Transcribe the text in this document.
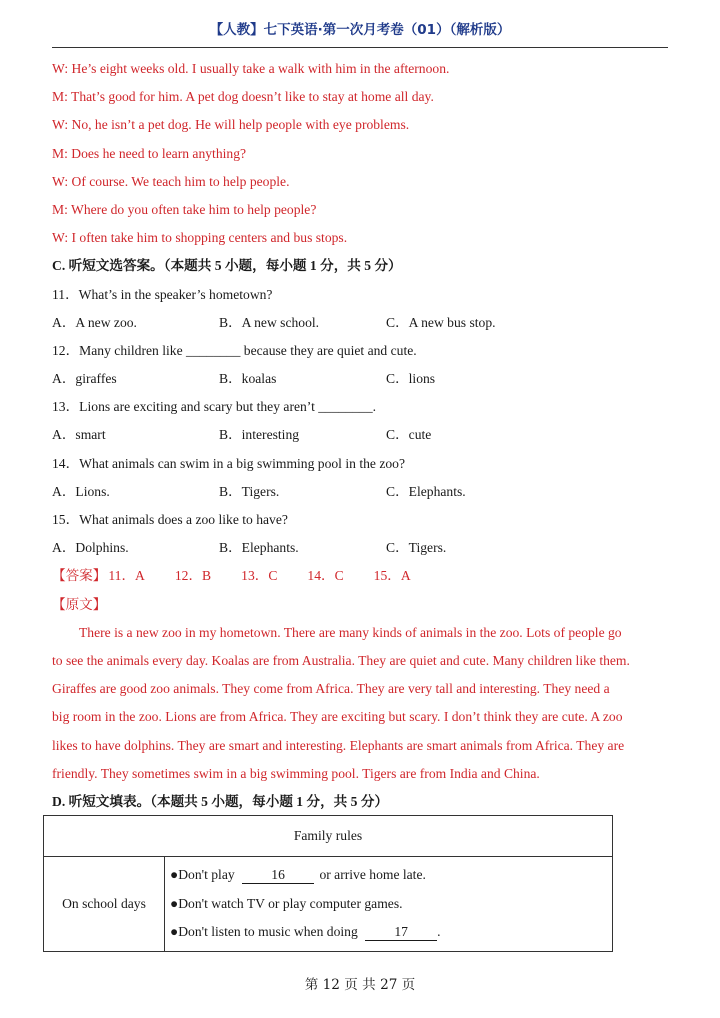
【人教】七下英语·第一次月考卷（01）（解析版）
W: He’s eight weeks old. I usually take a walk with him in the afternoon.
M: That’s good for him. A pet dog doesn’t like to stay at home all day.
W: No, he isn’t a pet dog. He will help people with eye problems.
M: Does he need to learn anything?
W: Of course. We teach him to help people.
M: Where do you often take him to help people?
W: I often take him to shopping centers and bus stops.
C. 听短文选答案。（本题共 5 小题，每小题 1 分，共 5 分）
11．What’s in the speaker’s hometown?
A．A new zoo.	B．A new school.	C．A new bus stop.
12．Many children like ________ because they are quiet and cute.
A．giraffes	B．koalas	C．lions
13．Lions are exciting and scary but they aren’t ________.
A．smart	B．interesting	C．cute
14．What animals can swim in a big swimming pool in the zoo?
A．Lions.	B．Tigers.	C．Elephants.
15．What animals does a zoo like to have?
A．Dolphins.	B．Elephants.	C．Tigers.
【答案】 11．A 12．B 13．C 14．C 15．A
【原文】
There is a new zoo in my hometown. There are many kinds of animals in the zoo. Lots of people go
to see the animals every day. Koalas are from Australia. They are quiet and cute. Many children like them.
Giraffes are good zoo animals. They come from Africa. They are very tall and interesting. They need a
big room in the zoo. Lions are from Africa. They are exciting but scary. I don’t think they are cute. A zoo
likes to have dolphins. They are smart and interesting. Elephants are smart animals from Africa. They are
friendly. They sometimes swim in a big swimming pool. Tigers are from India and China.
D. 听短文填表。（本题共 5 小题，每小题 1 分，共 5 分）
Family rules
On school days	
●Don't play 16 or arrive home late.
●Don't watch TV or play computer games.
●Don't listen to music when doing 17 .
第 12 页 共 27 页
